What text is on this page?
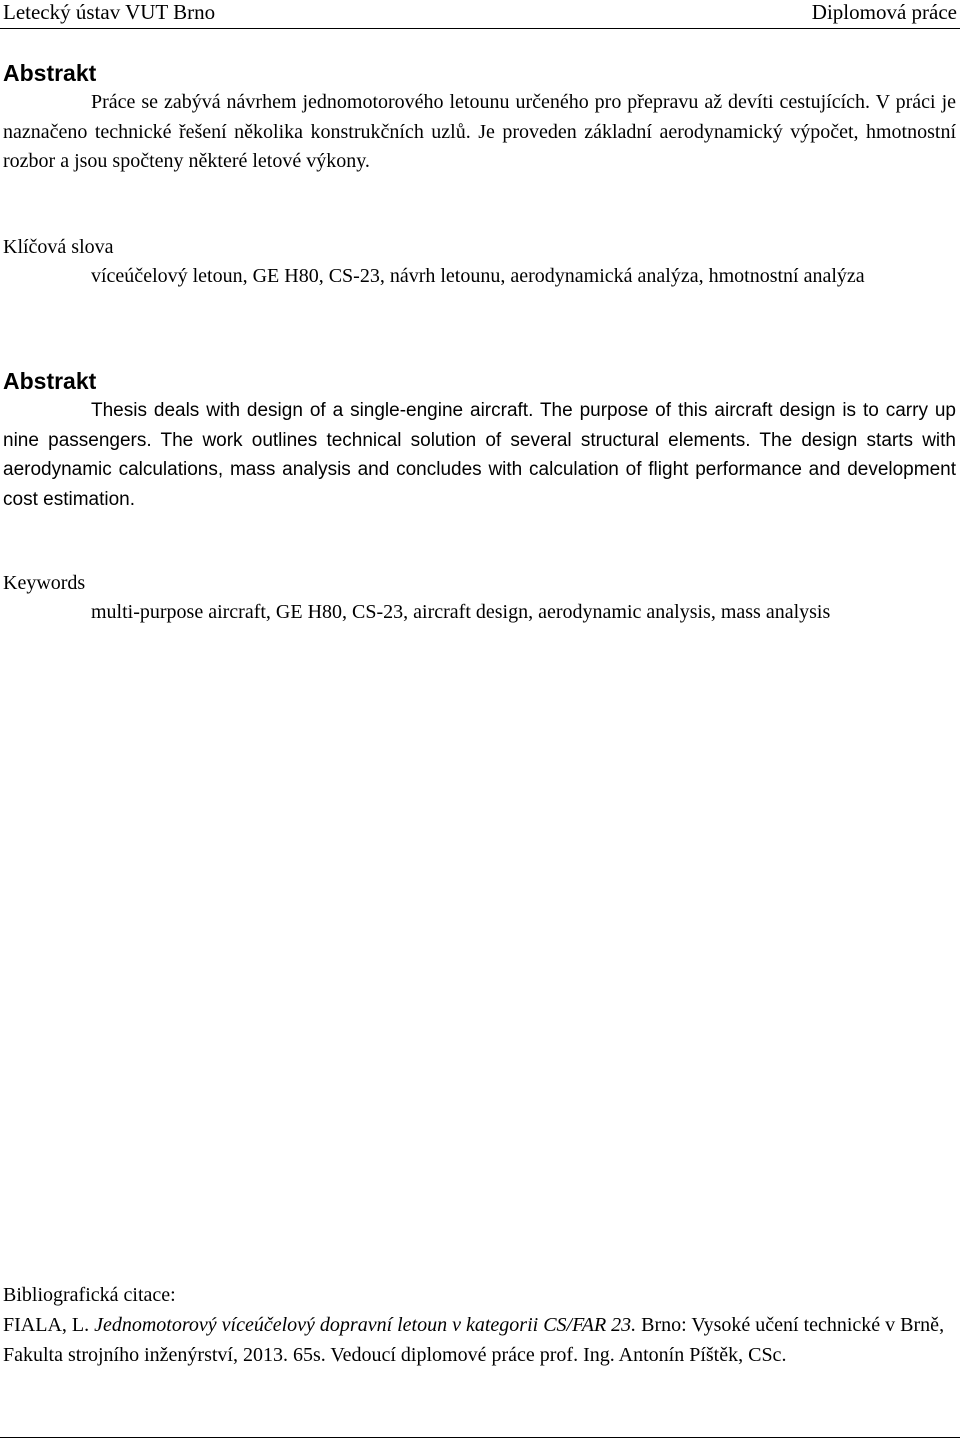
Letecký ústav VUT Brno	Diplomová práce
Abstrakt

Práce se zabývá návrhem jednomotorového letounu určeného pro přepravu až devíti cestujících. V práci je naznačeno technické řešení několika konstrukčních uzlů. Je proveden základní aerodynamický výpočet, hmotnostní rozbor a jsou spočteny některé letové výkony.

Klíčová slova

víceúčelový letoun, GE H80, CS-23, návrh letounu, aerodynamická analýza, hmotnostní analýza

Abstrakt

Thesis deals with design of a single-engine aircraft. The purpose of this aircraft design is to carry up nine passengers. The work outlines technical solution of several structural elements. The design starts with aerodynamic calculations, mass analysis and concludes with calculation of flight performance and development cost estimation.

Keywords

multi-purpose aircraft, GE H80, CS-23, aircraft design, aerodynamic analysis, mass analysis

Bibliografická citace:

FIALA, L. Jednomotorový víceúčelový dopravní letoun v kategorii CS/FAR 23. Brno: Vysoké učení technické v Brně, Fakulta strojního inženýrství, 2013. 65s. Vedoucí diplomové práce prof. Ing. Antonín Píštěk, CSc.
